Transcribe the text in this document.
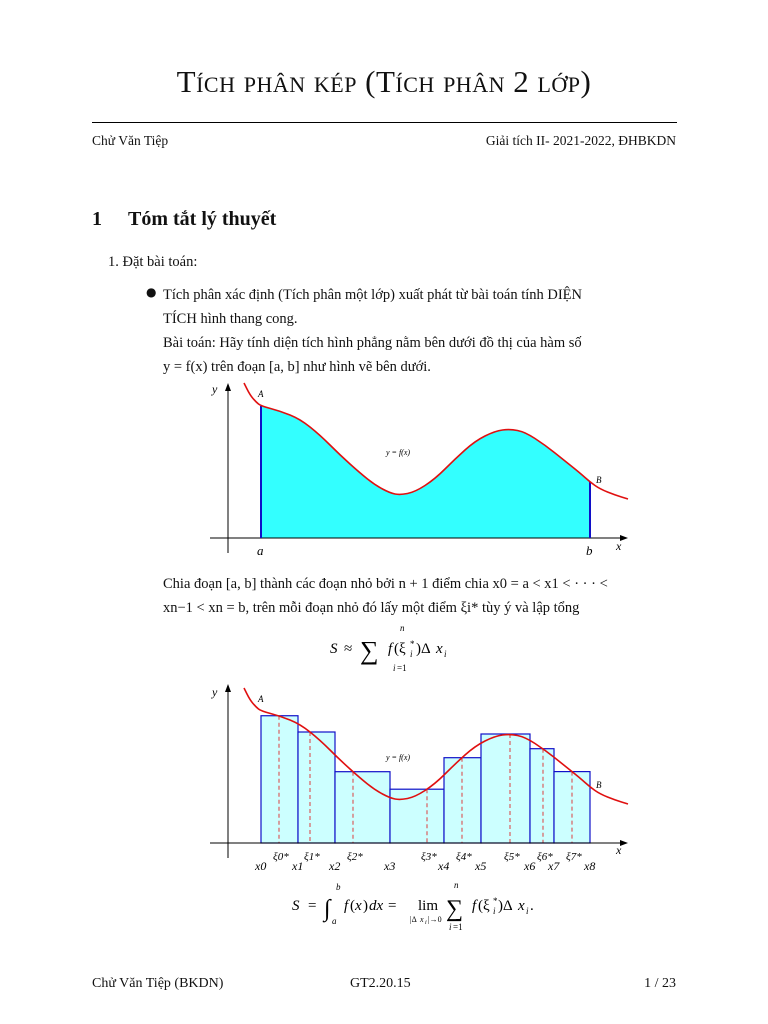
Tích phân kép (Tích phân 2 lớp)
Chử Văn Tiệp	Giải tích II- 2021-2022, ĐHBKDN
1 Tóm tắt lý thuyết
1. Đặt bài toán:
● Tích phân xác định (Tích phân một lớp) xuất phát từ bài toán tính DIỆN
TÍCH hình thang cong.
Bài toán: Hãy tính diện tích hình phẳng nằm bên dưới đồ thị của hàm số
y = f(x) trên đoạn [a, b] như hình vẽ bên dưới.
y
x
A
B
a	b
y = f(x)
Chia đoạn [a, b] thành các đoạn nhỏ bởi n + 1 điểm chia x0 = a < x1 < · · · <
xn−1 < xn = b, trên mỗi đoạn nhỏ đó lấy một điểm ξi* tùy ý và lập tổng
S ≈ ∑
n
i =1
f (ξ *
i )Δ x i
y
x
A
B
y = f(x)
x0 x1 x2	x3	x4 x5	x6 x7 x8
ξ0* ξ1* ξ2*	ξ3* ξ4*	ξ5* ξ6* ξ7*
S = ∫
b
a
f ( x ) dx = lim
|Δ x i |→0 ∑
n
i =1
f (ξ *
i )Δ x i .
Chử Văn Tiệp (BKDN)	GT2.20.15	1 / 23
